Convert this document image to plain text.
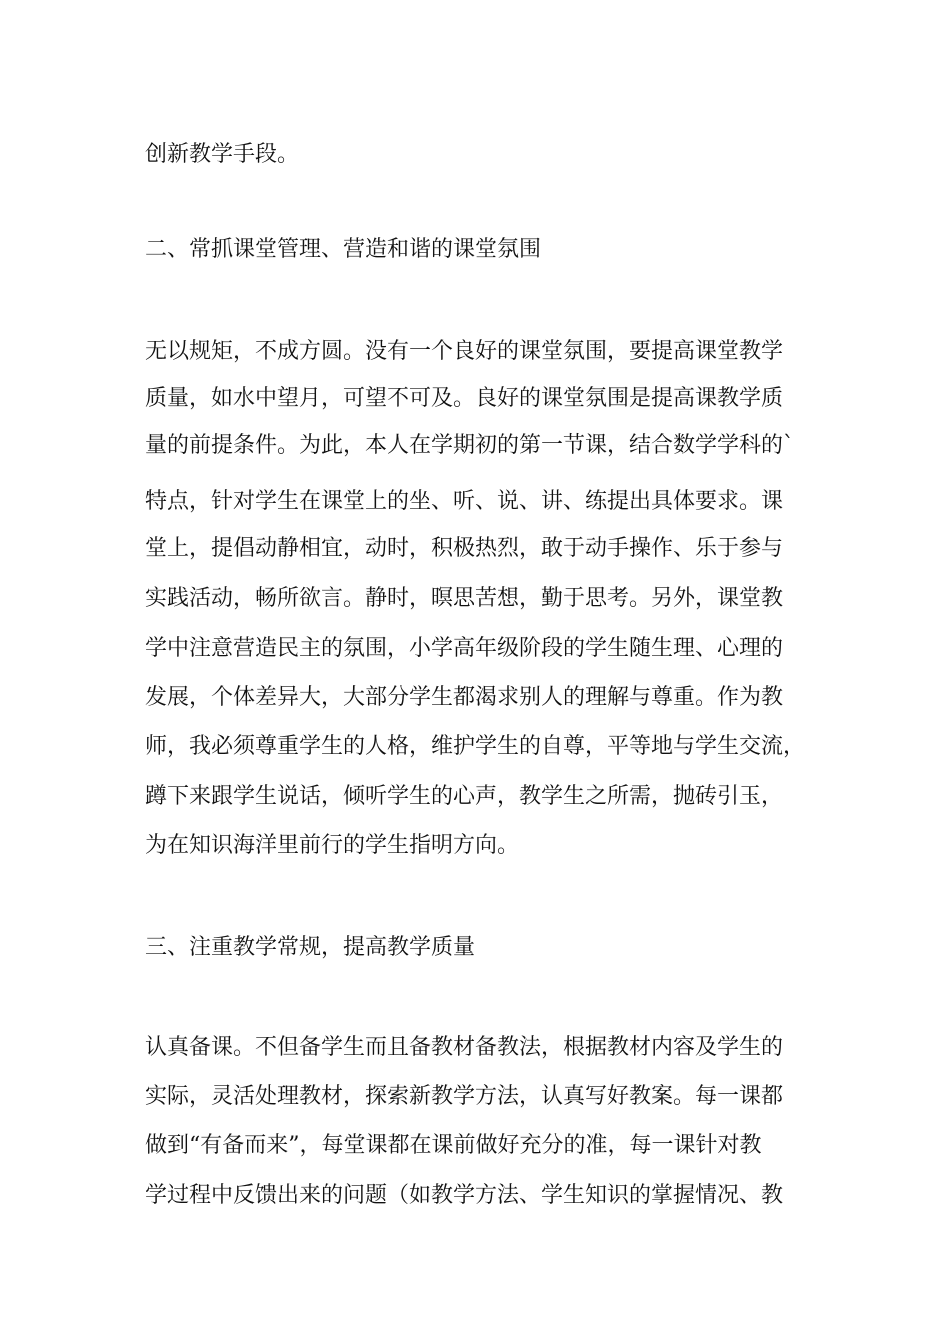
创新教学手段。
二、常抓课堂管理、营造和谐的课堂氛围
无以规矩，不成方圆。没有一个良好的课堂氛围，要提高课堂教学
质量，如水中望月，可望不可及。良好的课堂氛围是提高课教学质
量的前提条件。为此，本人在学期初的第一节课，结合数学学科的`
特点，针对学生在课堂上的坐、听、说、讲、练提出具体要求。课
堂上，提倡动静相宜，动时，积极热烈，敢于动手操作、乐于参与
实践活动，畅所欲言。静时，暝思苦想，勤于思考。另外，课堂教
学中注意营造民主的氛围，小学高年级阶段的学生随生理、心理的
发展，个体差异大，大部分学生都渴求别人的理解与尊重。作为教
师，我必须尊重学生的人格，维护学生的自尊，平等地与学生交流，
蹲下来跟学生说话，倾听学生的心声，教学生之所需，抛砖引玉，
为在知识海洋里前行的学生指明方向。
三、注重教学常规，提高教学质量
认真备课。不但备学生而且备教材备教法，根据教材内容及学生的
实际，灵活处理教材，探索新教学方法，认真写好教案。每一课都
做到“有备而来”，每堂课都在课前做好充分的准，每一课针对教
学过程中反馈出来的问题（如教学方法、学生知识的掌握情况、教
